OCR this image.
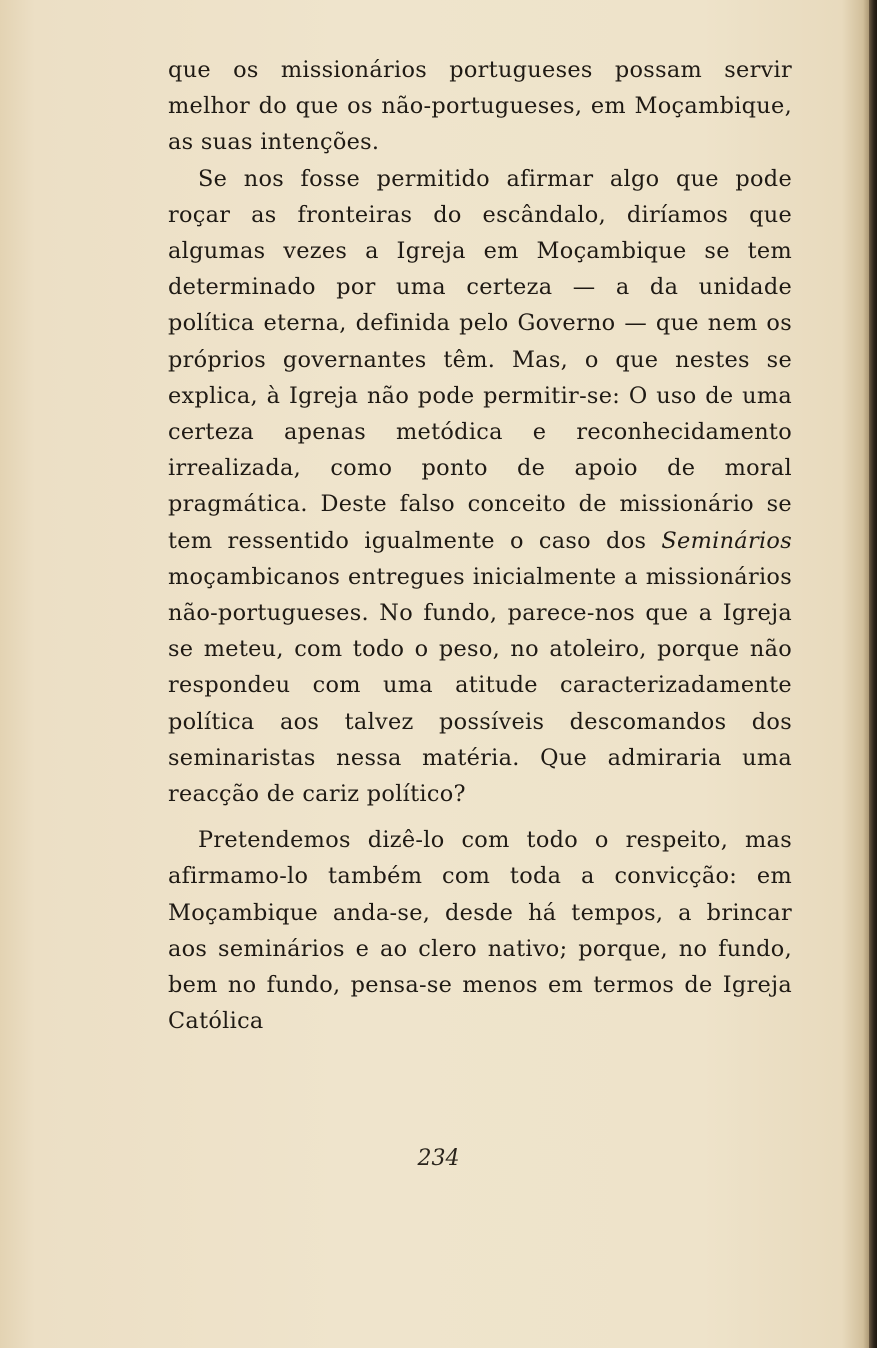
que os missionários portugueses possam servir melhor do que os não-portugueses, em Moçambique, as suas intenções.

Se nos fosse permitido afirmar algo que pode roçar as fronteiras do escândalo, diríamos que algumas vezes a Igreja em Moçambique se tem determinado por uma certeza — a da unidade política eterna, definida pelo Governo — que nem os próprios governantes têm. Mas, o que nestes se explica, à Igreja não pode permitir-se: O uso de uma certeza apenas metódica e reconhecidamento irrealizada, como ponto de apoio de moral pragmática. Deste falso conceito de missionário se tem ressentido igualmente o caso dos Seminários moçambicanos entregues inicialmente a missionários não-portugueses. No fundo, parece-nos que a Igreja se meteu, com todo o peso, no atoleiro, porque não respondeu com uma atitude caracterizadamente política aos talvez possíveis descomandos dos seminaristas nessa matéria. Que admiraria uma reacção de cariz político?

Pretendemos dizê-lo com todo o respeito, mas afirmamo-lo também com toda a convicção: em Moçambique anda-se, desde há tempos, a brincar aos seminários e ao clero nativo; porque, no fundo, bem no fundo, pensa-se menos em termos de Igreja Católica

234
